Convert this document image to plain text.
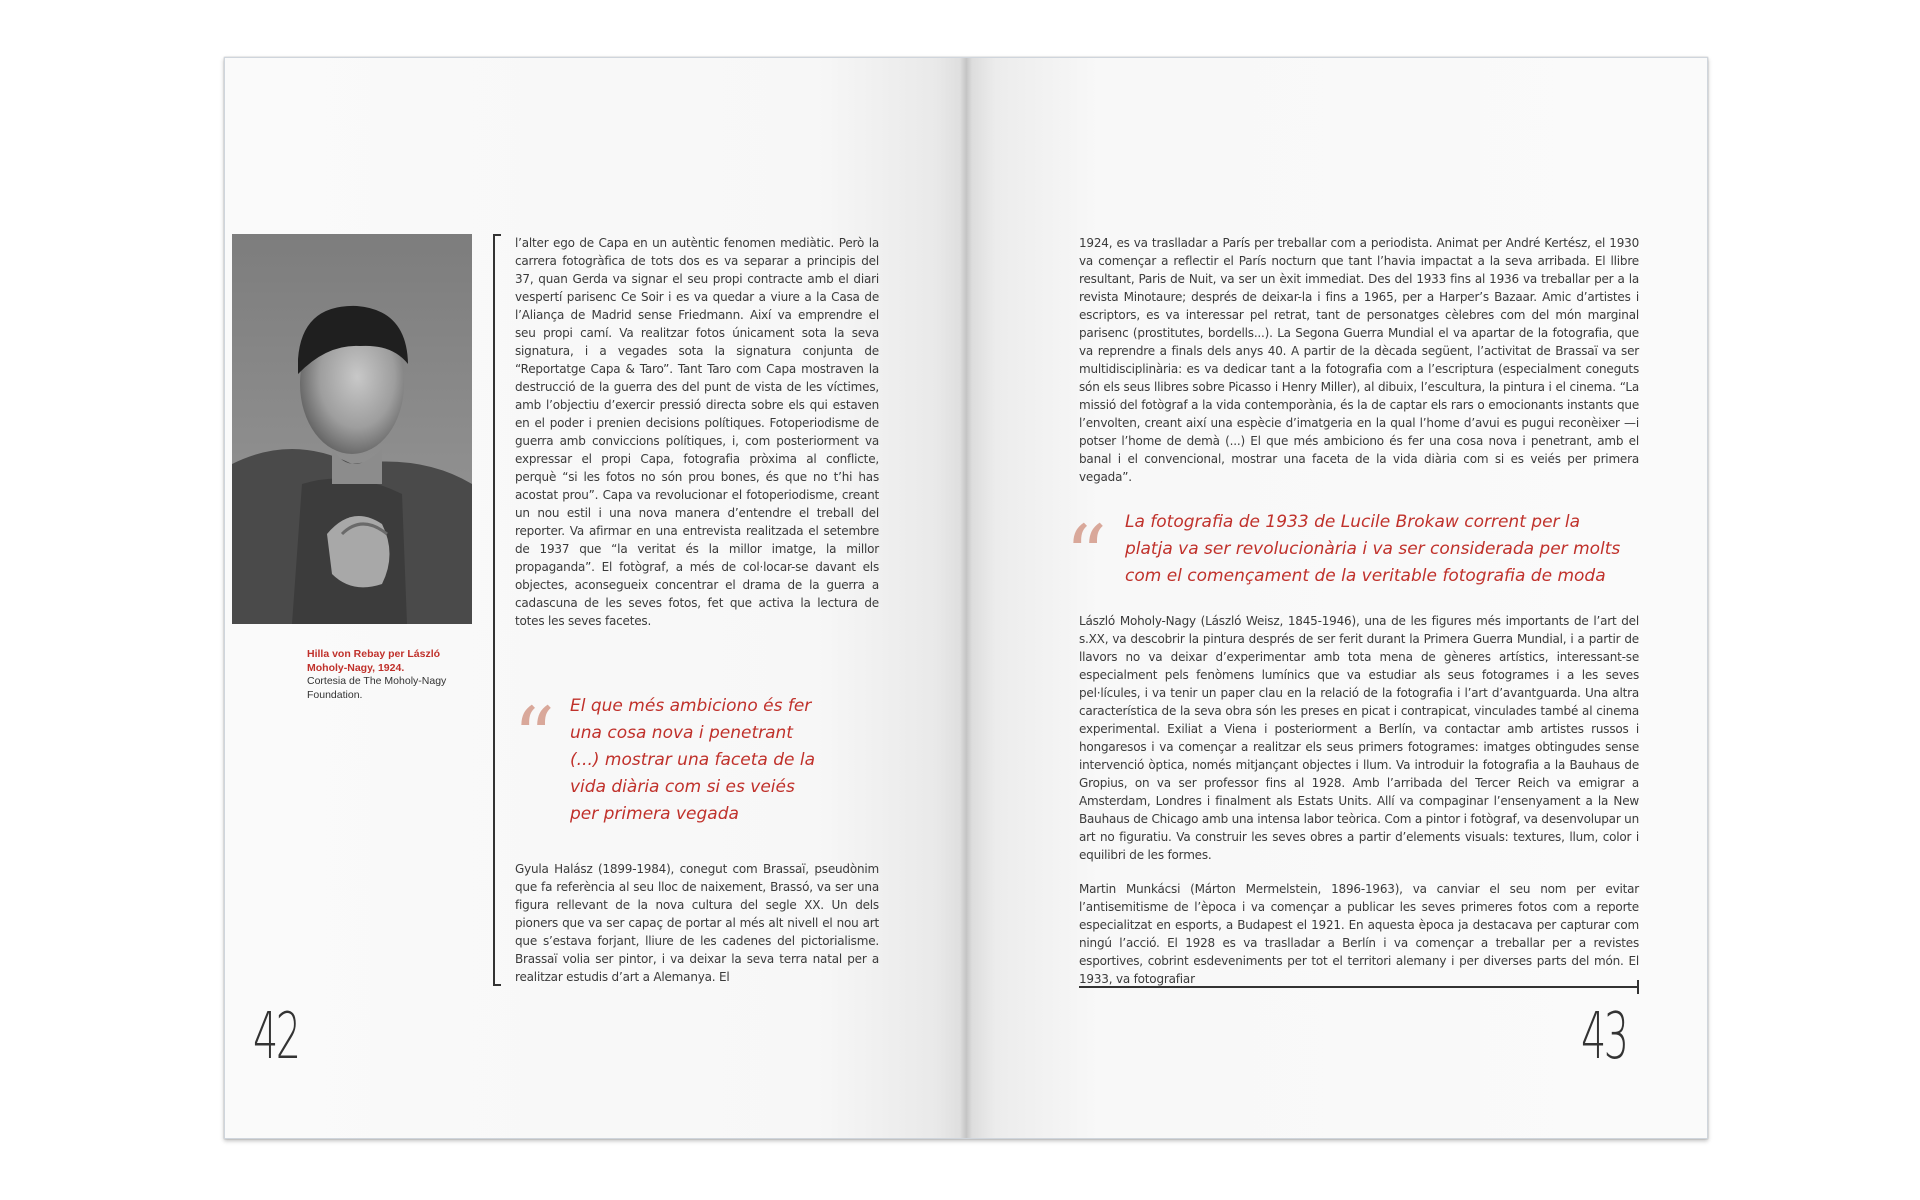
Hilla von Rebay per László Moholy-Nagy, 1924.
Cortesia de The Moholy-Nagy Foundation.
l’alter ego de Capa en un autèntic fenomen mediàtic. Però la carrera fotogràfica de tots dos es va separar a principis del 37, quan Gerda va signar el seu propi contracte amb el diari vespertí parisenc Ce Soir i es va quedar a viure a la Casa de l’Aliança de Madrid sense Friedmann. Així va emprendre el seu propi camí. Va realitzar fotos únicament sota la seva signatura, i a vegades sota la signatura conjunta de “Reportatge Capa & Taro”. Tant Taro com Capa mostraven la destrucció de la guerra des del punt de vista de les víctimes, amb l’objectiu d’exercir pressió directa sobre els qui estaven en el poder i prenien decisions polítiques. Fotoperiodisme de guerra amb conviccions polítiques, i, com posteriorment va expressar el propi Capa, fotografia pròxima al conflicte, perquè “si les fotos no són prou bones, és que no t’hi has acostat prou”. Capa va revolucionar el fotoperiodisme, creant un nou estil i una nova manera d’entendre el treball del reporter. Va afirmar en una entrevista realitzada el setembre de 1937 que “la veritat és la millor imatge, la millor propaganda”. El fotògraf, a més de col·locar-se davant els objectes, aconsegueix concentrar el drama de la guerra a cadascuna de les seves fotos, fet que activa la lectura de totes les seves facetes.
“ El que més ambiciono és fer una cosa nova i penetrant (...) mostrar una faceta de la vida diària com si es veiés per primera vegada
Gyula Halász (1899-1984), conegut com Brassaï, pseudònim que fa referència al seu lloc de naixement, Brassó, va ser una figura rellevant de la nova cultura del segle XX. Un dels pioners que va ser capaç de portar al més alt nivell el nou art que s’estava forjant, lliure de les cadenes del pictorialisme. Brassaï volia ser pintor, i va deixar la seva terra natal per a realitzar estudis d’art a Alemanya. El
42	43
1924, es va traslladar a París per treballar com a periodista. Animat per André Kertész, el 1930 va començar a reflectir el París nocturn que tant l’havia impactat a la seva arribada. El llibre resultant, Paris de Nuit, va ser un èxit immediat. Des del 1933 fins al 1936 va treballar per a la revista Minotaure; després de deixar-la i fins a 1965, per a Harper’s Bazaar. Amic d’artistes i escriptors, es va interessar pel retrat, tant de personatges cèlebres com del món marginal parisenc (prostitutes, bordells...). La Segona Guerra Mundial el va apartar de la fotografia, que va reprendre a finals dels anys 40. A partir de la dècada següent, l’activitat de Brassaï va ser multidisciplinària: es va dedicar tant a la fotografia com a l’escriptura (especialment coneguts són els seus llibres sobre Picasso i Henry Miller), al dibuix, l’escultura, la pintura i el cinema. “La missió del fotògraf a la vida contemporània, és la de captar els rars o emocionants instants que l’envolten, creant així una espècie d’imatgeria en la qual l’home d’avui es pugui reconèixer —i potser l’home de demà (...) El que més ambiciono és fer una cosa nova i penetrant, amb el banal i el convencional, mostrar una faceta de la vida diària com si es veiés per primera vegada”.
“ La fotografia de 1933 de Lucile Brokaw corrent per la platja va ser revolucionària i va ser considerada per molts com el començament de la veritable fotografia de moda
László Moholy-Nagy (László Weisz, 1845-1946), una de les figures més importants de l’art del s.XX, va descobrir la pintura després de ser ferit durant la Primera Guerra Mundial, i a partir de llavors no va deixar d’experimentar amb tota mena de gèneres artístics, interessant-se especialment pels fenòmens lumínics que va estudiar als seus fotogrames i a les seves pel·lícules, i va tenir un paper clau en la relació de la fotografia i l’art d’avantguarda. Una altra característica de la seva obra són les preses en picat i contrapicat, vinculades també al cinema experimental. Exiliat a Viena i posteriorment a Berlín, va contactar amb artistes russos i hongaresos i va començar a realitzar els seus primers fotogrames: imatges obtingudes sense intervenció òptica, només mitjançant objectes i llum. Va introduir la fotografia a la Bauhaus de Gropius, on va ser professor fins al 1928. Amb l’arribada del Tercer Reich va emigrar a Amsterdam, Londres i finalment als Estats Units. Allí va compaginar l’ensenyament a la New Bauhaus de Chicago amb una intensa labor teòrica. Com a pintor i fotògraf, va desenvolupar un art no figuratiu. Va construir les seves obres a partir d’elements visuals: textures, llum, color i equilibri de les formes.
Martin Munkácsi (Márton Mermelstein, 1896-1963), va canviar el seu nom per evitar l’antisemitisme de l’època i va començar a publicar les seves primeres fotos com a reporte especialitzat en esports, a Budapest el 1921. En aquesta època ja destacava per capturar com ningú l’acció. El 1928 es va traslladar a Berlín i va començar a treballar per a revistes esportives, cobrint esdeveniments per tot el territori alemany i per diverses parts del món. El 1933, va fotografiar
